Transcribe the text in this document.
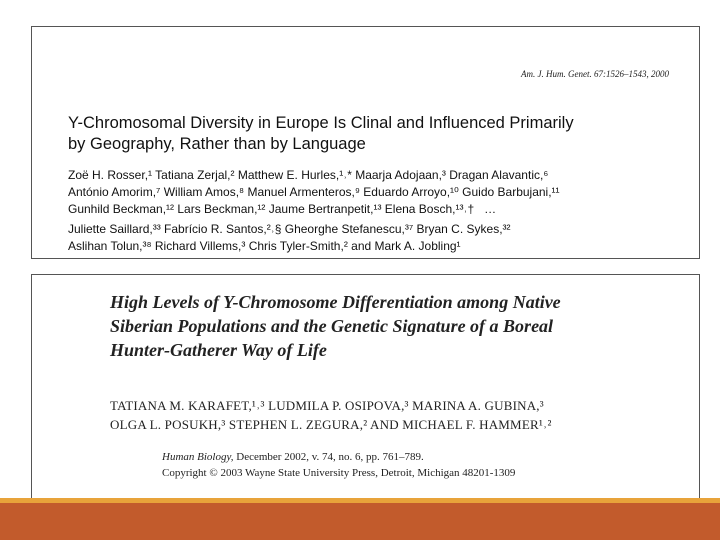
Am. J. Hum. Genet. 67:1526–1543, 2000
Y-Chromosomal Diversity in Europe Is Clinal and Influenced Primarily
by Geography, Rather than by Language
Zoë H. Rosser,¹ Tatiana Zerjal,² Matthew E. Hurles,¹˒* Maarja Adojaan,³ Dragan Alavantic,⁶
António Amorim,⁷ William Amos,⁸ Manuel Armenteros,⁹ Eduardo Arroyo,¹⁰ Guido Barbujani,¹¹
Gunhild Beckman,¹² Lars Beckman,¹² Jaume Bertranpetit,¹³ Elena Bosch,¹³˒† …
Juliette Saillard,³³ Fabrício R. Santos,²˒§ Gheorghe Stefanescu,³⁷ Bryan C. Sykes,³²
Aslihan Tolun,³⁸ Richard Villems,³ Chris Tyler-Smith,² and Mark A. Jobling¹
High Levels of Y-Chromosome Differentiation among Native
Siberian Populations and the Genetic Signature of a Boreal
Hunter-Gatherer Way of Life
TATIANA M. KARAFET,¹˒³ LUDMILA P. OSIPOVA,³ MARINA A. GUBINA,³
OLGA L. POSUKH,³ STEPHEN L. ZEGURA,² AND MICHAEL F. HAMMER¹˒²
Human Biology, December 2002, v. 74, no. 6, pp. 761–789.
Copyright © 2003 Wayne State University Press, Detroit, Michigan 48201-1309
